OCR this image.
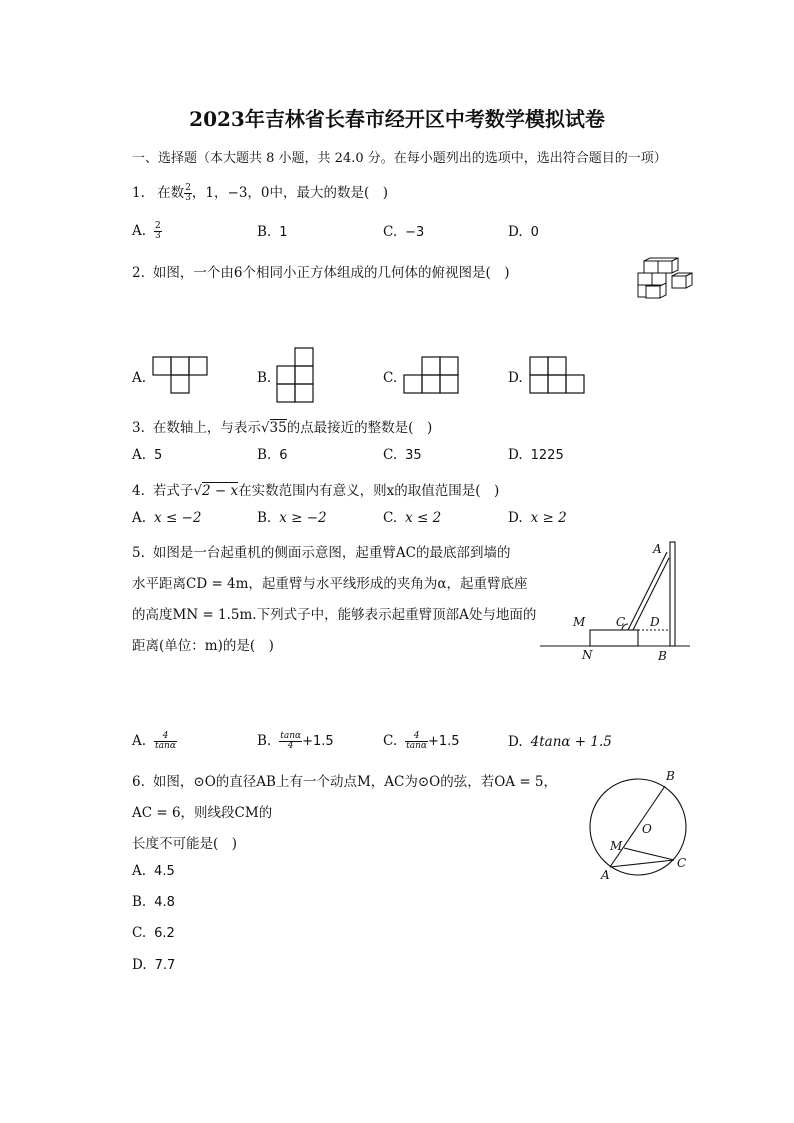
2023年吉林省长春市经开区中考数学模拟试卷
一、选择题（本大题共 8 小题，共 24.0 分。在每小题列出的选项中，选出符合题目的一项）
1. 在数 $\frac{2}{3}$ ，1，−3，0中，最大的数是(　)
A. $\frac{2}{3}$	B. 1	C. −3	D. 0
2. 如图，一个由6个相同小正方体组成的几何体的俯视图是(　)
A.	B.	C.	D.
3. 在数轴上，与表示√35的点最接近的整数是(　)
A. 5	B. 6	C. 35	D. 1225
4. 若式子√2 − x在实数范围内有意义，则x的取值范围是(　)
A. x ≤ −2	B. x ≥ −2	C. x ≤ 2	D. x ≥ 2
5. 如图是一台起重机的侧面示意图，起重臂AC的最底部到墙的
水平距离CD = 4m，起重臂与水平线形成的夹角为α，起重臂底座
的高度MN = 1.5m.下列式子中，能够表示起重臂顶部A处与地面的
距离(单位：m)的是(　)
A
C D
M
N	B
A. $\frac{4}{\tan\alpha}$	B. $\frac{\tan\alpha}{4} +1.5$	C. $\frac{4}{\tan\alpha} +1.5$	D. 4tanα + 1.5
6. 如图，⊙O的直径AB上有一个动点M，AC为⊙O的弦，若OA = 5，
AC = 6，则线段CM的
长度不可能是(　)
B
O
M
C
A
A. 4.5
B. 4.8
C. 6.2
D. 7.7
